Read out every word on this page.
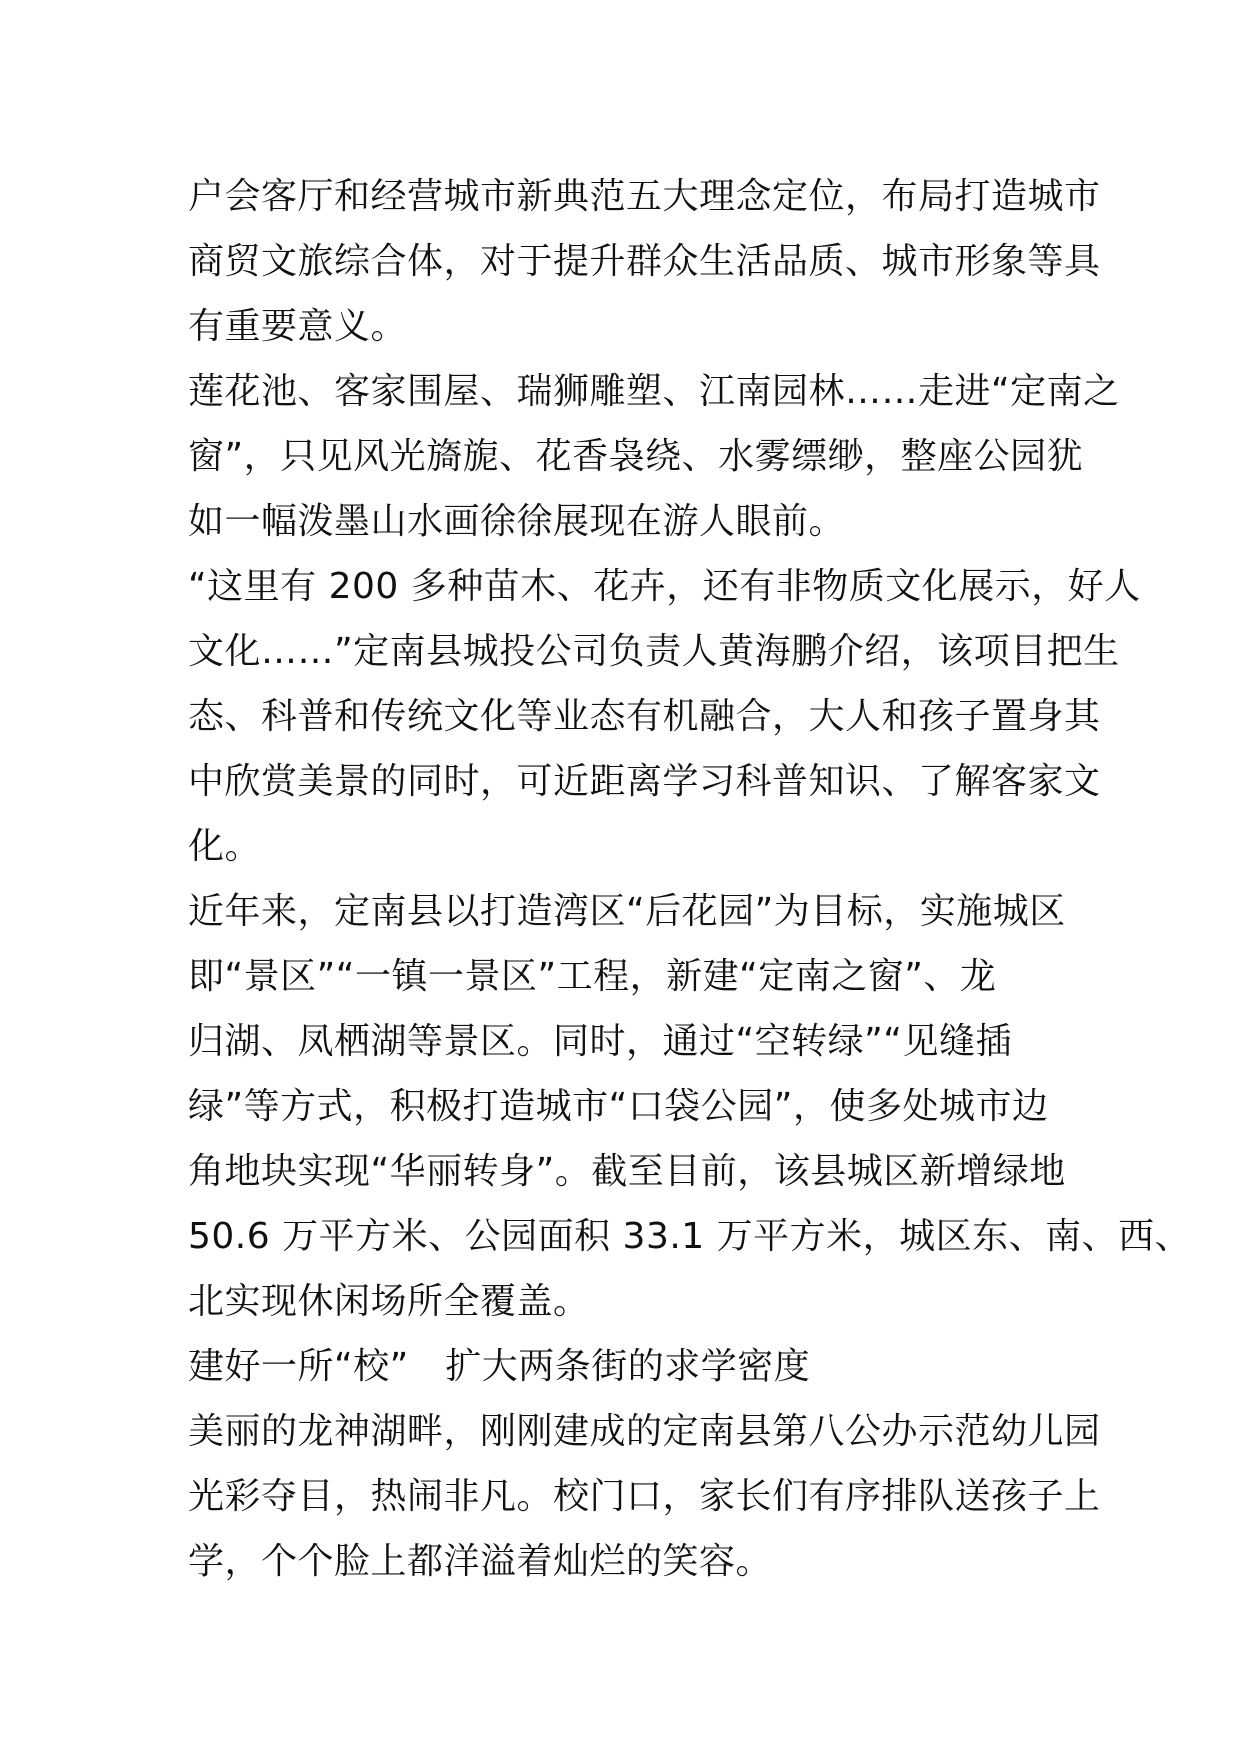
户会客厅和经营城市新典范五大理念定位，布局打造城市
商贸文旅综合体，对于提升群众生活品质、城市形象等具
有重要意义。
莲花池、客家围屋、瑞狮雕塑、江南园林……走进“定南之
窗”，只见风光旖旎、花香袅绕、水雾缥缈，整座公园犹
如一幅泼墨山水画徐徐展现在游人眼前。
“这里有 200 多种苗木、花卉，还有非物质文化展示，好人
文化……”定南县城投公司负责人黄海鹏介绍，该项目把生
态、科普和传统文化等业态有机融合，大人和孩子置身其
中欣赏美景的同时，可近距离学习科普知识、了解客家文
化。
近年来，定南县以打造湾区“后花园”为目标，实施城区
即“景区”“一镇一景区”工程，新建“定南之窗”、龙
归湖、凤栖湖等景区。同时，通过“空转绿”“见缝插
绿”等方式，积极打造城市“口袋公园”，使多处城市边
角地块实现“华丽转身”。截至目前，该县城区新增绿地
50.6 万平方米、公园面积 33.1 万平方米，城区东、南、西、
北实现休闲场所全覆盖。
建好一所“校”　扩大两条街的求学密度
美丽的龙神湖畔，刚刚建成的定南县第八公办示范幼儿园
光彩夺目，热闹非凡。校门口，家长们有序排队送孩子上
学，个个脸上都洋溢着灿烂的笑容。
